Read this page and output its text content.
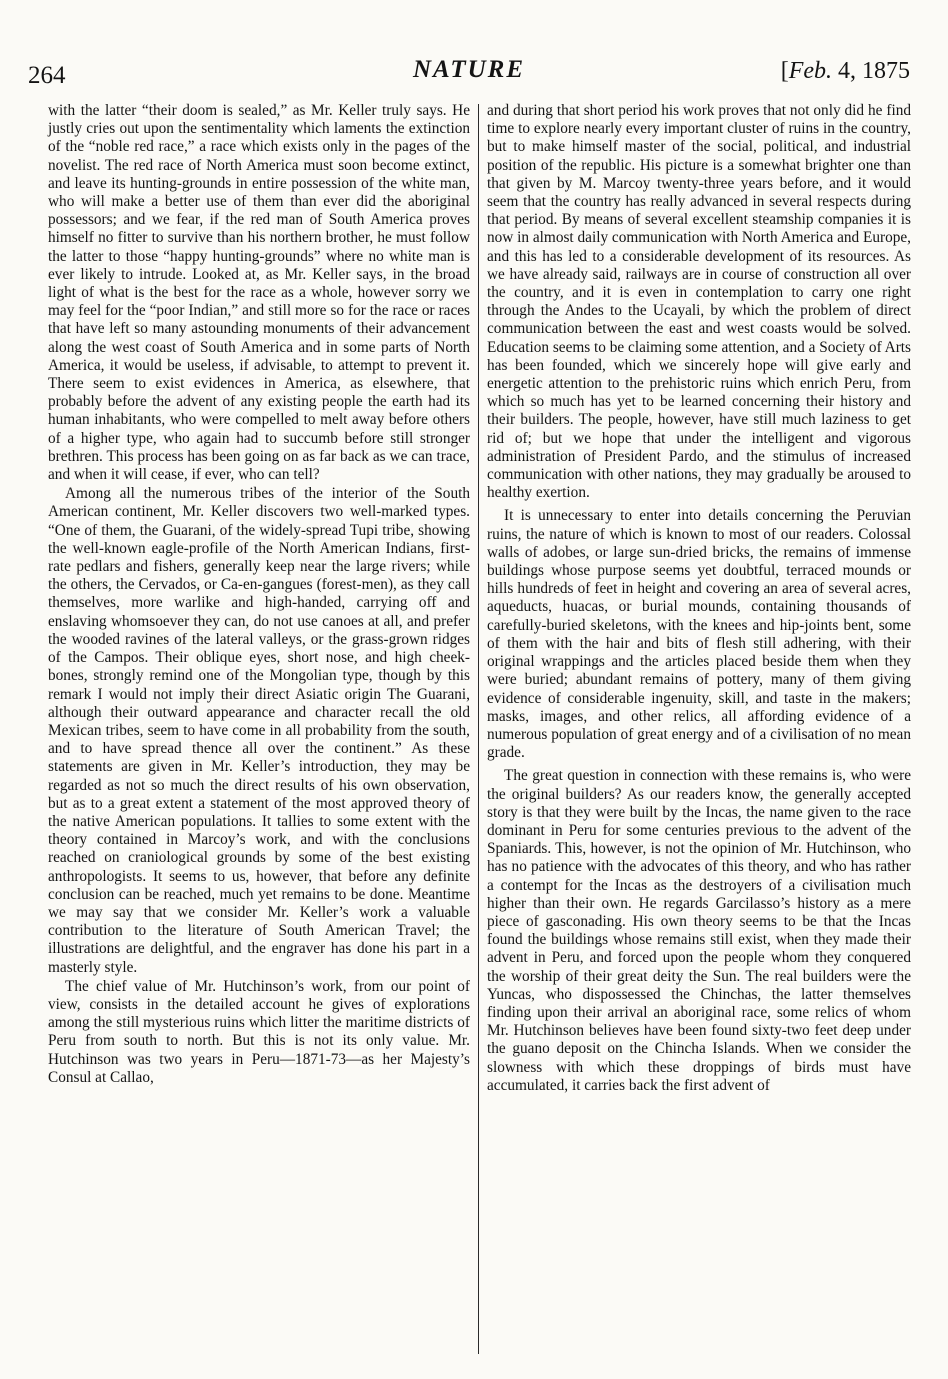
264	NATURE	[Feb. 4, 1875

with the latter “their doom is sealed,” as Mr. Keller truly says. He justly cries out upon the sentimentality which laments the extinction of the “noble red race,” a race which exists only in the pages of the novelist. The red race of North America must soon become extinct, and leave its hunting-grounds in entire possession of the white man, who will make a better use of them than ever did the aboriginal possessors; and we fear, if the red man of South America proves himself no fitter to survive than his northern brother, he must follow the latter to those “happy hunting-grounds” where no white man is ever likely to intrude. Looked at, as Mr. Keller says, in the broad light of what is the best for the race as a whole, however sorry we may feel for the “poor Indian,” and still more so for the race or races that have left so many astounding monuments of their advancement along the west coast of South America and in some parts of North America, it would be useless, if advisable, to attempt to prevent it. There seem to exist evidences in America, as elsewhere, that probably before the advent of any existing people the earth had its human inhabitants, who were compelled to melt away before others of a higher type, who again had to succumb before still stronger brethren. This process has been going on as far back as we can trace, and when it will cease, if ever, who can tell?

Among all the numerous tribes of the interior of the South American continent, Mr. Keller discovers two well-marked types. “One of them, the Guarani, of the widely-spread Tupi tribe, showing the well-known eagle-profile of the North American Indians, first-rate pedlars and fishers, generally keep near the large rivers; while the others, the Cervados, or Ca-en-gangues (forest-men), as they call themselves, more warlike and high-handed, carrying off and enslaving whomsoever they can, do not use canoes at all, and prefer the wooded ravines of the lateral valleys, or the grass-grown ridges of the Campos. Their oblique eyes, short nose, and high cheek-bones, strongly remind one of the Mongolian type, though by this remark I would not imply their direct Asiatic origin The Guarani, although their outward appearance and character recall the old Mexican tribes, seem to have come in all probability from the south, and to have spread thence all over the continent.” As these statements are given in Mr. Keller’s introduction, they may be regarded as not so much the direct results of his own observation, but as to a great extent a statement of the most approved theory of the native American populations. It tallies to some extent with the theory contained in Marcoy’s work, and with the conclusions reached on craniological grounds by some of the best existing anthropologists. It seems to us, however, that before any definite conclusion can be reached, much yet remains to be done. Meantime we may say that we consider Mr. Keller’s work a valuable contribution to the literature of South American Travel; the illustrations are delightful, and the engraver has done his part in a masterly style.

The chief value of Mr. Hutchinson’s work, from our point of view, consists in the detailed account he gives of explorations among the still mysterious ruins which litter the maritime districts of Peru from south to north. But this is not its only value. Mr. Hutchinson was two years in Peru—1871-73—as her Majesty’s Consul at Callao,

and during that short period his work proves that not only did he find time to explore nearly every important cluster of ruins in the country, but to make himself master of the social, political, and industrial position of the republic. His picture is a somewhat brighter one than that given by M. Marcoy twenty-three years before, and it would seem that the country has really advanced in several respects during that period. By means of several excellent steamship companies it is now in almost daily communication with North America and Europe, and this has led to a considerable development of its resources. As we have already said, railways are in course of construction all over the country, and it is even in contemplation to carry one right through the Andes to the Ucayali, by which the problem of direct communication between the east and west coasts would be solved. Education seems to be claiming some attention, and a Society of Arts has been founded, which we sincerely hope will give early and energetic attention to the prehistoric ruins which enrich Peru, from which so much has yet to be learned concerning their history and their builders. The people, however, have still much laziness to get rid of; but we hope that under the intelligent and vigorous administration of President Pardo, and the stimulus of increased communication with other nations, they may gradually be aroused to healthy exertion.

It is unnecessary to enter into details concerning the Peruvian ruins, the nature of which is known to most of our readers. Colossal walls of adobes, or large sun-dried bricks, the remains of immense buildings whose purpose seems yet doubtful, terraced mounds or hills hundreds of feet in height and covering an area of several acres, aqueducts, huacas, or burial mounds, containing thousands of carefully-buried skeletons, with the knees and hip-joints bent, some of them with the hair and bits of flesh still adhering, with their original wrappings and the articles placed beside them when they were buried; abundant remains of pottery, many of them giving evidence of considerable ingenuity, skill, and taste in the makers; masks, images, and other relics, all affording evidence of a numerous population of great energy and of a civilisation of no mean grade.

The great question in connection with these remains is, who were the original builders? As our readers know, the generally accepted story is that they were built by the Incas, the name given to the race dominant in Peru for some centuries previous to the advent of the Spaniards. This, however, is not the opinion of Mr. Hutchinson, who has no patience with the advocates of this theory, and who has rather a contempt for the Incas as the destroyers of a civilisation much higher than their own. He regards Garcilasso’s history as a mere piece of gasconading. His own theory seems to be that the Incas found the buildings whose remains still exist, when they made their advent in Peru, and forced upon the people whom they conquered the worship of their great deity the Sun. The real builders were the Yuncas, who dispossessed the Chinchas, the latter themselves finding upon their arrival an aboriginal race, some relics of whom Mr. Hutchinson believes have been found sixty-two feet deep under the guano deposit on the Chincha Islands. When we consider the slowness with which these droppings of birds must have accumulated, it carries back the first advent of
